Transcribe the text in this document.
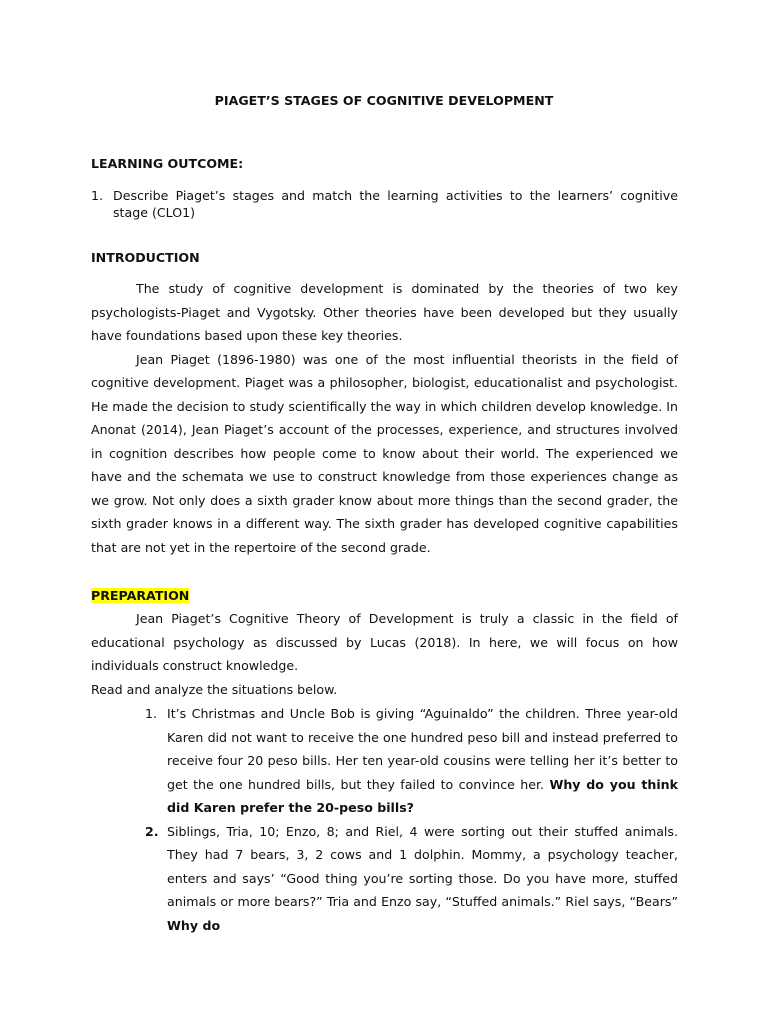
PIAGET’S STAGES OF COGNITIVE DEVELOPMENT
LEARNING OUTCOME:
1. Describe Piaget’s stages and match the learning activities to the learners’ cognitive stage (CLO1)
INTRODUCTION

The study of cognitive development is dominated by the theories of two key psychologists-Piaget and Vygotsky. Other theories have been developed but they usually have foundations based upon these key theories.

Jean Piaget (1896-1980) was one of the most influential theorists in the field of cognitive development. Piaget was a philosopher, biologist, educationalist and psychologist. He made the decision to study scientifically the way in which children develop knowledge. In Anonat (2014), Jean Piaget’s account of the processes, experience, and structures involved in cognition describes how people come to know about their world. The experienced we have and the schemata we use to construct knowledge from those experiences change as we grow. Not only does a sixth grader know about more things than the second grader, the sixth grader knows in a different way. The sixth grader has developed cognitive capabilities that are not yet in the repertoire of the second grade.

PREPARATION

Jean Piaget’s Cognitive Theory of Development is truly a classic in the field of educational psychology as discussed by Lucas (2018). In here, we will focus on how individuals construct knowledge.

Read and analyze the situations below.

1. It’s Christmas and Uncle Bob is giving “Aguinaldo” the children. Three year-old Karen did not want to receive the one hundred peso bill and instead preferred to receive four 20 peso bills. Her ten year-old cousins were telling her it’s better to get the one hundred bills, but they failed to convince her. Why do you think did Karen prefer the 20-peso bills?

2. Siblings, Tria, 10; Enzo, 8; and Riel, 4 were sorting out their stuffed animals. They had 7 bears, 3, 2 cows and 1 dolphin. Mommy, a psychology teacher, enters and says’ “Good thing you’re sorting those. Do you have more, stuffed animals or more bears?” Tria and Enzo say, “Stuffed animals.” Riel says, “Bears” Why do
